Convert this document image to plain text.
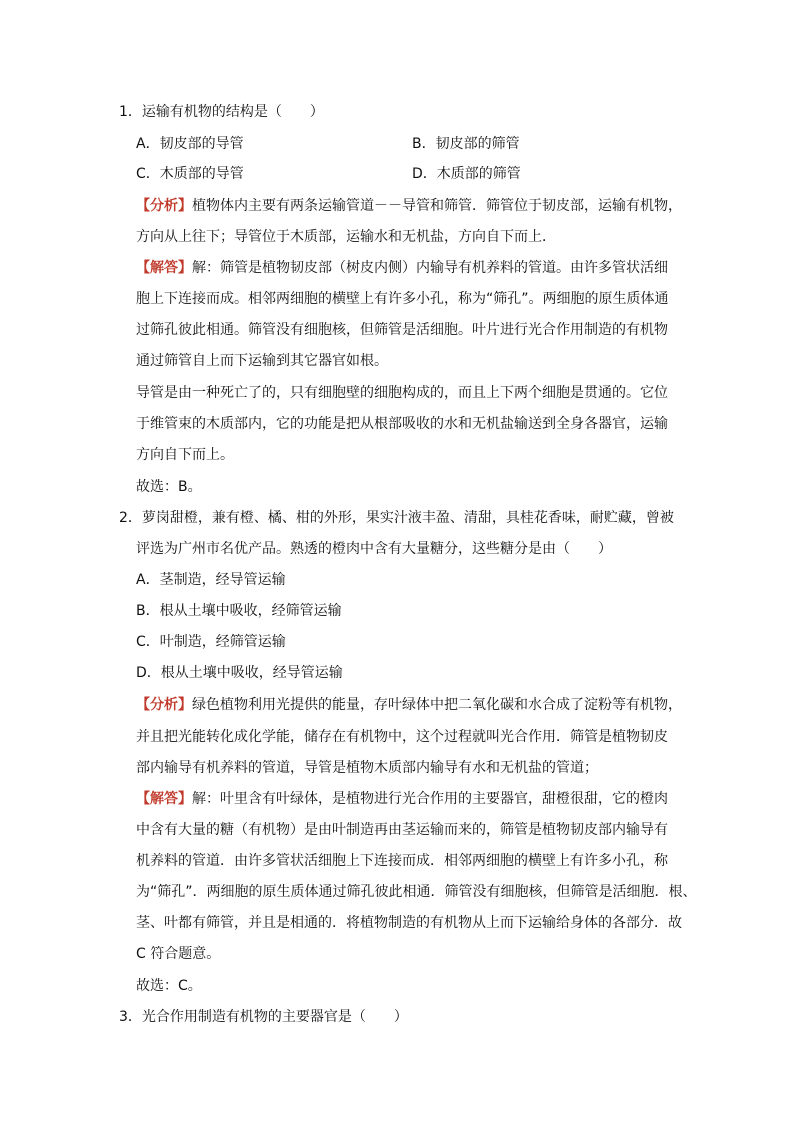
1．运输有机物的结构是（　　）
A．韧皮部的导管	B．韧皮部的筛管
C．木质部的导管	D．木质部的筛管
【分析】植物体内主要有两条运输管道－－导管和筛管．筛管位于韧皮部，运输有机物，
方向从上往下；导管位于木质部，运输水和无机盐，方向自下而上．
【解答】解：筛管是植物韧皮部（树皮内侧）内输导有机养料的管道。由许多管状活细
胞上下连接而成。相邻两细胞的横壁上有许多小孔，称为“筛孔”。两细胞的原生质体通
过筛孔彼此相通。筛管没有细胞核，但筛管是活细胞。叶片进行光合作用制造的有机物
通过筛管自上而下运输到其它器官如根。
导管是由一种死亡了的，只有细胞壁的细胞构成的，而且上下两个细胞是贯通的。它位
于维管束的木质部内，它的功能是把从根部吸收的水和无机盐输送到全身各器官，运输
方向自下而上。
故选：B。
2．萝岗甜橙，兼有橙、橘、柑的外形，果实汁液丰盈、清甜，具桂花香味，耐贮藏，曾被
评选为广州市名优产品。熟透的橙肉中含有大量糖分，这些糖分是由（　　）
A．茎制造，经导管运输
B．根从土壤中吸收，经筛管运输
C．叶制造，经筛管运输
D．根从土壤中吸收，经导管运输
【分析】绿色植物利用光提供的能量，存叶绿体中把二氧化碳和水合成了淀粉等有机物，
并且把光能转化成化学能，储存在有机物中，这个过程就叫光合作用．筛管是植物韧皮
部内输导有机养料的管道，导管是植物木质部内输导有水和无机盐的管道；
【解答】解：叶里含有叶绿体，是植物进行光合作用的主要器官，甜橙很甜，它的橙肉
中含有大量的糖（有机物）是由叶制造再由茎运输而来的，筛管是植物韧皮部内输导有
机养料的管道．由许多管状活细胞上下连接而成．相邻两细胞的横壁上有许多小孔，称
为“筛孔”．两细胞的原生质体通过筛孔彼此相通．筛管没有细胞核，但筛管是活细胞．根、
茎、叶都有筛管，并且是相通的．将植物制造的有机物从上而下运输给身体的各部分．故
C 符合题意。
故选：C。
3．光合作用制造有机物的主要器官是（　　）
